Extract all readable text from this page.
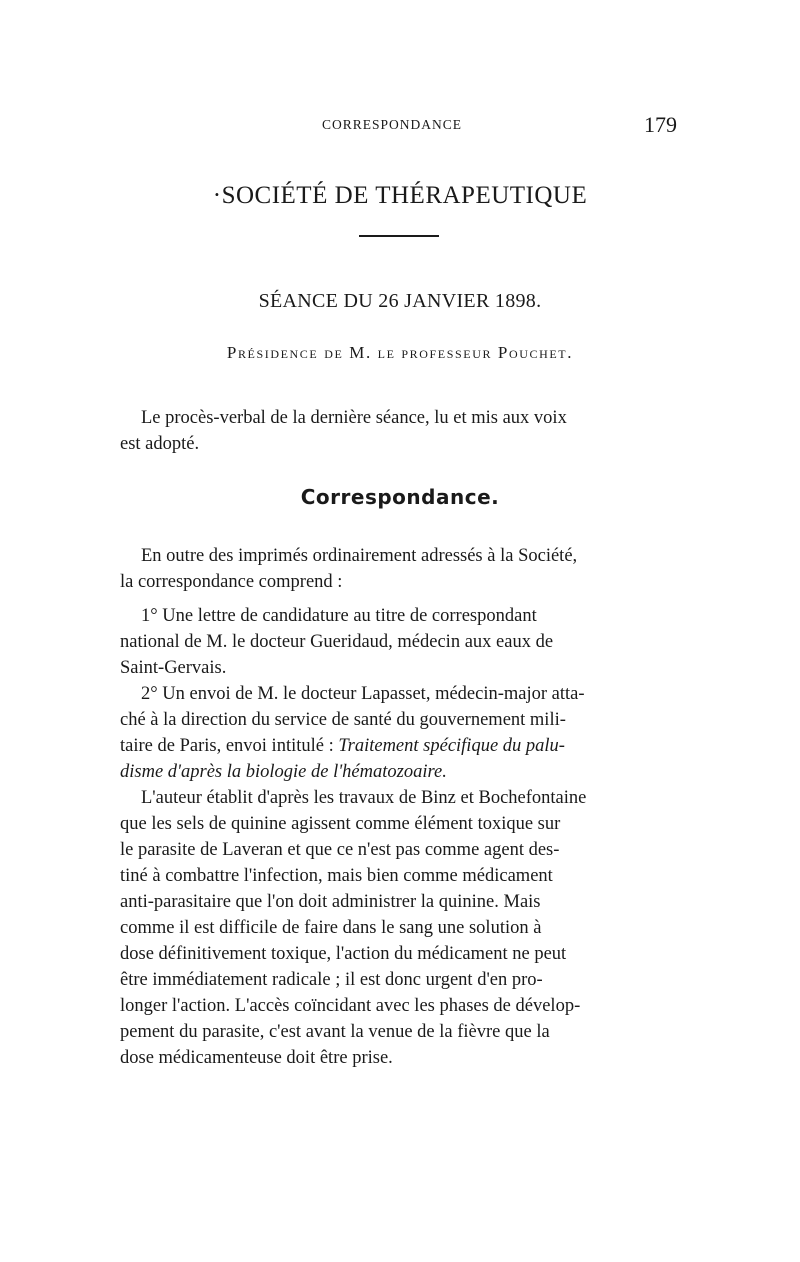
CORRESPONDANCE	179
·SOCIÉTÉ DE THÉRAPEUTIQUE
SÉANCE DU 26 JANVIER 1898.
Présidence de M. le professeur Pouchet.
Le procès-verbal de la dernière séance, lu et mis aux voix
est adopté.
Correspondance.
En outre des imprimés ordinairement adressés à la Société,
la correspondance comprend :
1° Une lettre de candidature au titre de correspondant
national de M. le docteur Gueridaud, médecin aux eaux de
Saint-Gervais.
2° Un envoi de M. le docteur Lapasset, médecin-major atta-
ché à la direction du service de santé du gouvernement mili-
taire de Paris, envoi intitulé : Traitement spécifique du palu-
disme d'après la biologie de l'hématozoaire.
L'auteur établit d'après les travaux de Binz et Bochefontaine
que les sels de quinine agissent comme élément toxique sur
le parasite de Laveran et que ce n'est pas comme agent des-
tiné à combattre l'infection, mais bien comme médicament
anti-parasitaire que l'on doit administrer la quinine. Mais
comme il est difficile de faire dans le sang une solution à
dose définitivement toxique, l'action du médicament ne peut
être immédiatement radicale ; il est donc urgent d'en pro-
longer l'action. L'accès coïncidant avec les phases de dévelop-
pement du parasite, c'est avant la venue de la fièvre que la
dose médicamenteuse doit être prise.
